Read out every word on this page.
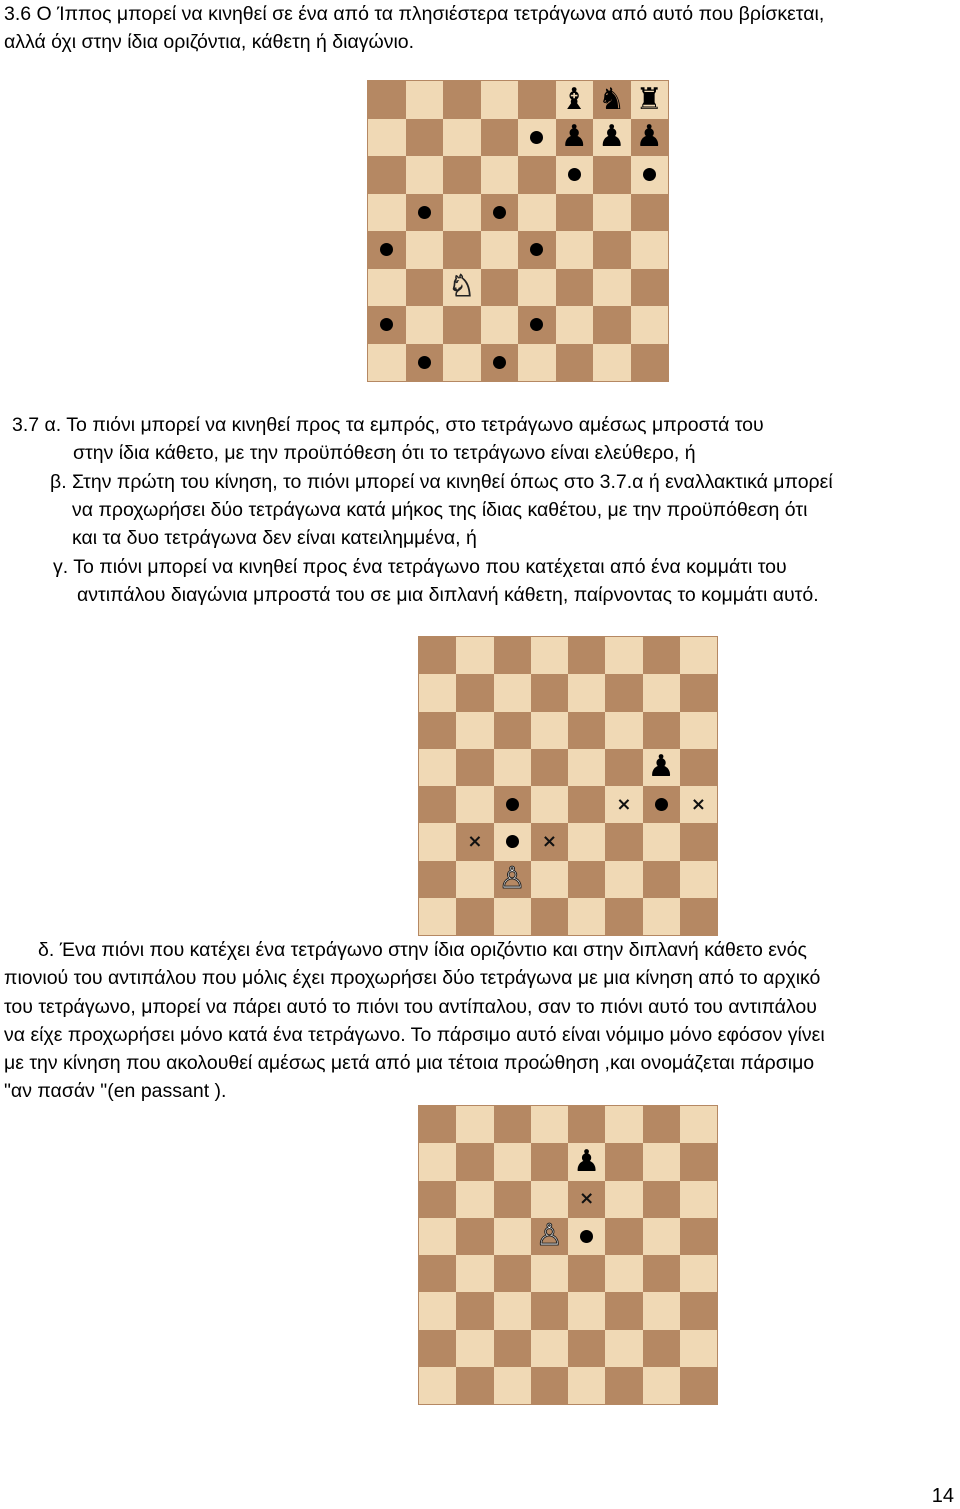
3.6 Ο Ίππος μπορεί να κινηθεί σε ένα από τα πλησιέστερα τετράγωνα από αυτό που βρίσκεται,

αλλά όχι στην ίδια οριζόντια, κάθετη ή διαγώνιο.

♝ ♞ ♜
♟ ♟ ♟
♘

3.7 α. Το πιόνι μπορεί να κινηθεί προς τα εμπρός, στο τετράγωνο αμέσως μπροστά του

στην ίδια κάθετο, με την προϋπόθεση ότι το τετράγωνο είναι ελεύθερο, ή

β. Στην πρώτη του κίνηση, το πιόνι μπορεί να κινηθεί όπως στο 3.7.α ή εναλλακτικά μπορεί

να προχωρήσει δύο τετράγωνα κατά μήκος της ίδιας καθέτου, με την προϋπόθεση ότι

και τα δυο τετράγωνα δεν είναι κατειλημμένα, ή

γ. Το πιόνι μπορεί να κινηθεί προς ένα τετράγωνο που κατέχεται από ένα κομμάτι του

αντιπάλου διαγώνια μπροστά του σε μια διπλανή κάθετη, παίρνοντας το κομμάτι αυτό.

♟
×	×
×	×
♙

δ. Ένα πιόνι που κατέχει ένα τετράγωνο στην ίδια οριζόντιο και στην διπλανή κάθετο ενός

πιονιού του αντιπάλου που μόλις έχει προχωρήσει δύο τετράγωνα με μια κίνηση από το αρχικό

του τετράγωνο, μπορεί να πάρει αυτό το πιόνι του αντίπαλου, σαν το πιόνι αυτό του αντιπάλου

να είχε προχωρήσει μόνο κατά ένα τετράγωνο. Το πάρσιμο αυτό είναι νόμιμο μόνο εφόσον γίνει

με την κίνηση που ακολουθεί αμέσως μετά από μια τέτοια προώθηση ,και ονομάζεται πάρσιμο

"αν πασάν "(en passant ).

♟
×
♙
14
